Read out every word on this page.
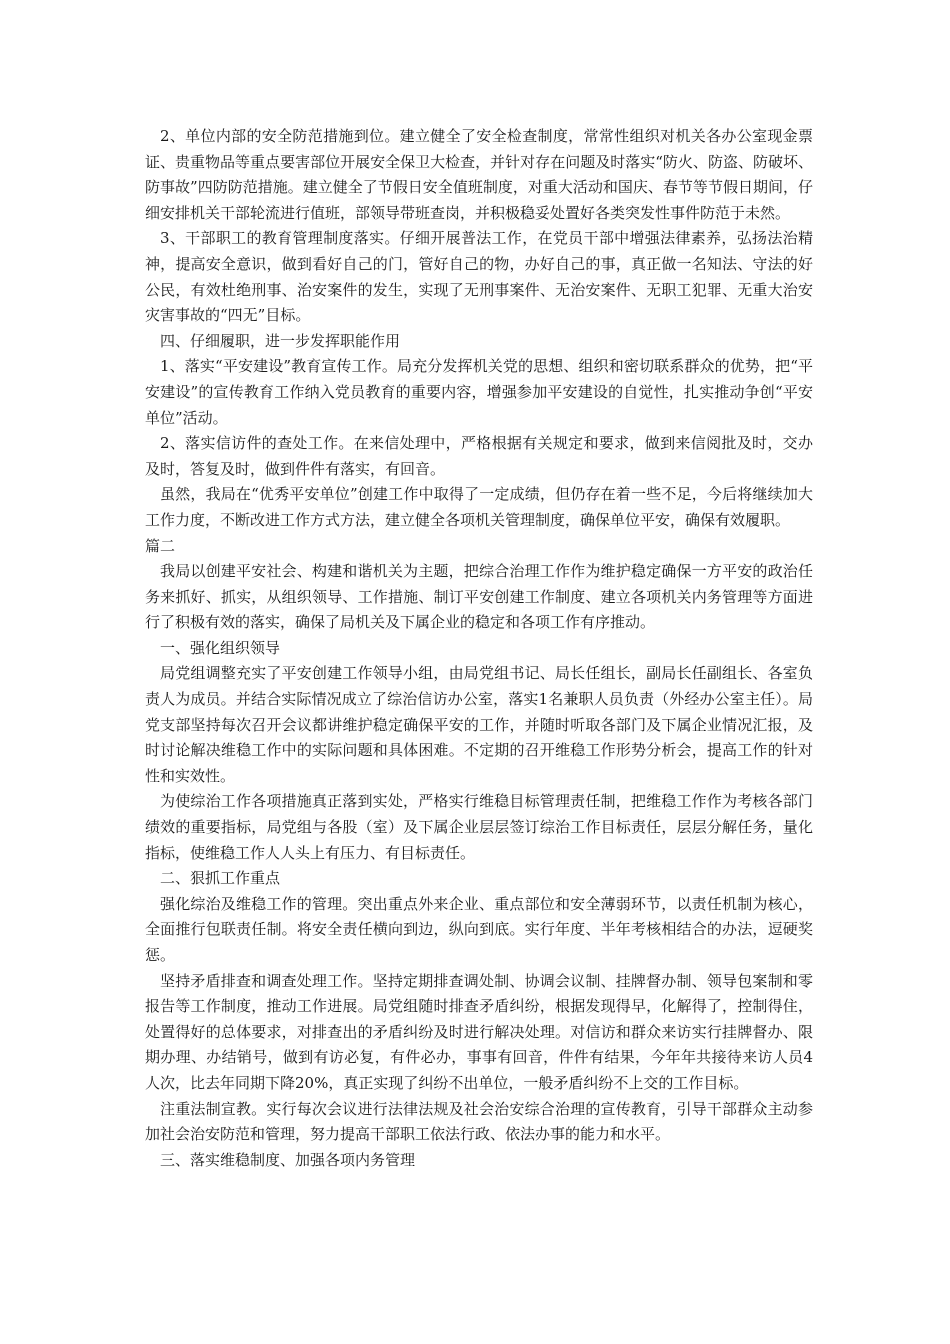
2、单位内部的安全防范措施到位。建立健全了安全检查制度，常常性组织对机关各办公室现金票证、贵重物品等重点要害部位开展安全保卫大检查，并针对存在问题及时落实“防火、防盗、防破坏、防事故”四防防范措施。建立健全了节假日安全值班制度，对重大活动和国庆、春节等节假日期间，仔细安排机关干部轮流进行值班，部领导带班查岗，并积极稳妥处置好各类突发性事件防范于未然。

3、干部职工的教育管理制度落实。仔细开展普法工作，在党员干部中增强法律素养，弘扬法治精神，提高安全意识，做到看好自己的门，管好自己的物，办好自己的事，真正做一名知法、守法的好公民，有效杜绝刑事、治安案件的发生，实现了无刑事案件、无治安案件、无职工犯罪、无重大治安灾害事故的“四无”目标。

四、仔细履职，进一步发挥职能作用

1、落实“平安建设”教育宣传工作。局充分发挥机关党的思想、组织和密切联系群众的优势，把“平安建设”的宣传教育工作纳入党员教育的重要内容，增强参加平安建设的自觉性，扎实推动争创“平安单位”活动。

2、落实信访件的查处工作。在来信处理中，严格根据有关规定和要求，做到来信阅批及时，交办及时，答复及时，做到件件有落实，有回音。

虽然，我局在“优秀平安单位”创建工作中取得了一定成绩，但仍存在着一些不足，今后将继续加大工作力度，不断改进工作方式方法，建立健全各项机关管理制度，确保单位平安，确保有效履职。

篇二

我局以创建平安社会、构建和谐机关为主题，把综合治理工作作为维护稳定确保一方平安的政治任务来抓好、抓实，从组织领导、工作措施、制订平安创建工作制度、建立各项机关内务管理等方面进行了积极有效的落实，确保了局机关及下属企业的稳定和各项工作有序推动。

一、强化组织领导

局党组调整充实了平安创建工作领导小组，由局党组书记、局长任组长，副局长任副组长、各室负责人为成员。并结合实际情况成立了综治信访办公室，落实1名兼职人员负责（外经办公室主任）。局党支部坚持每次召开会议都讲维护稳定确保平安的工作，并随时听取各部门及下属企业情况汇报，及时讨论解决维稳工作中的实际问题和具体困难。不定期的召开维稳工作形势分析会，提高工作的针对性和实效性。

为使综治工作各项措施真正落到实处，严格实行维稳目标管理责任制，把维稳工作作为考核各部门绩效的重要指标，局党组与各股（室）及下属企业层层签订综治工作目标责任，层层分解任务，量化指标，使维稳工作人人头上有压力、有目标责任。

二、狠抓工作重点

强化综治及维稳工作的管理。突出重点外来企业、重点部位和安全薄弱环节，以责任机制为核心，全面推行包联责任制。将安全责任横向到边，纵向到底。实行年度、半年考核相结合的办法，逗硬奖惩。

坚持矛盾排查和调查处理工作。坚持定期排查调处制、协调会议制、挂牌督办制、领导包案制和零报告等工作制度，推动工作进展。局党组随时排查矛盾纠纷，根据发现得早，化解得了，控制得住，处置得好的总体要求，对排查出的矛盾纠纷及时进行解决处理。对信访和群众来访实行挂牌督办、限期办理、办结销号，做到有访必复，有件必办，事事有回音，件件有结果，今年年共接待来访人员4人次，比去年同期下降20%，真正实现了纠纷不出单位，一般矛盾纠纷不上交的工作目标。

注重法制宣教。实行每次会议进行法律法规及社会治安综合治理的宣传教育，引导干部群众主动参加社会治安防范和管理，努力提高干部职工依法行政、依法办事的能力和水平。

三、落实维稳制度、加强各项内务管理
